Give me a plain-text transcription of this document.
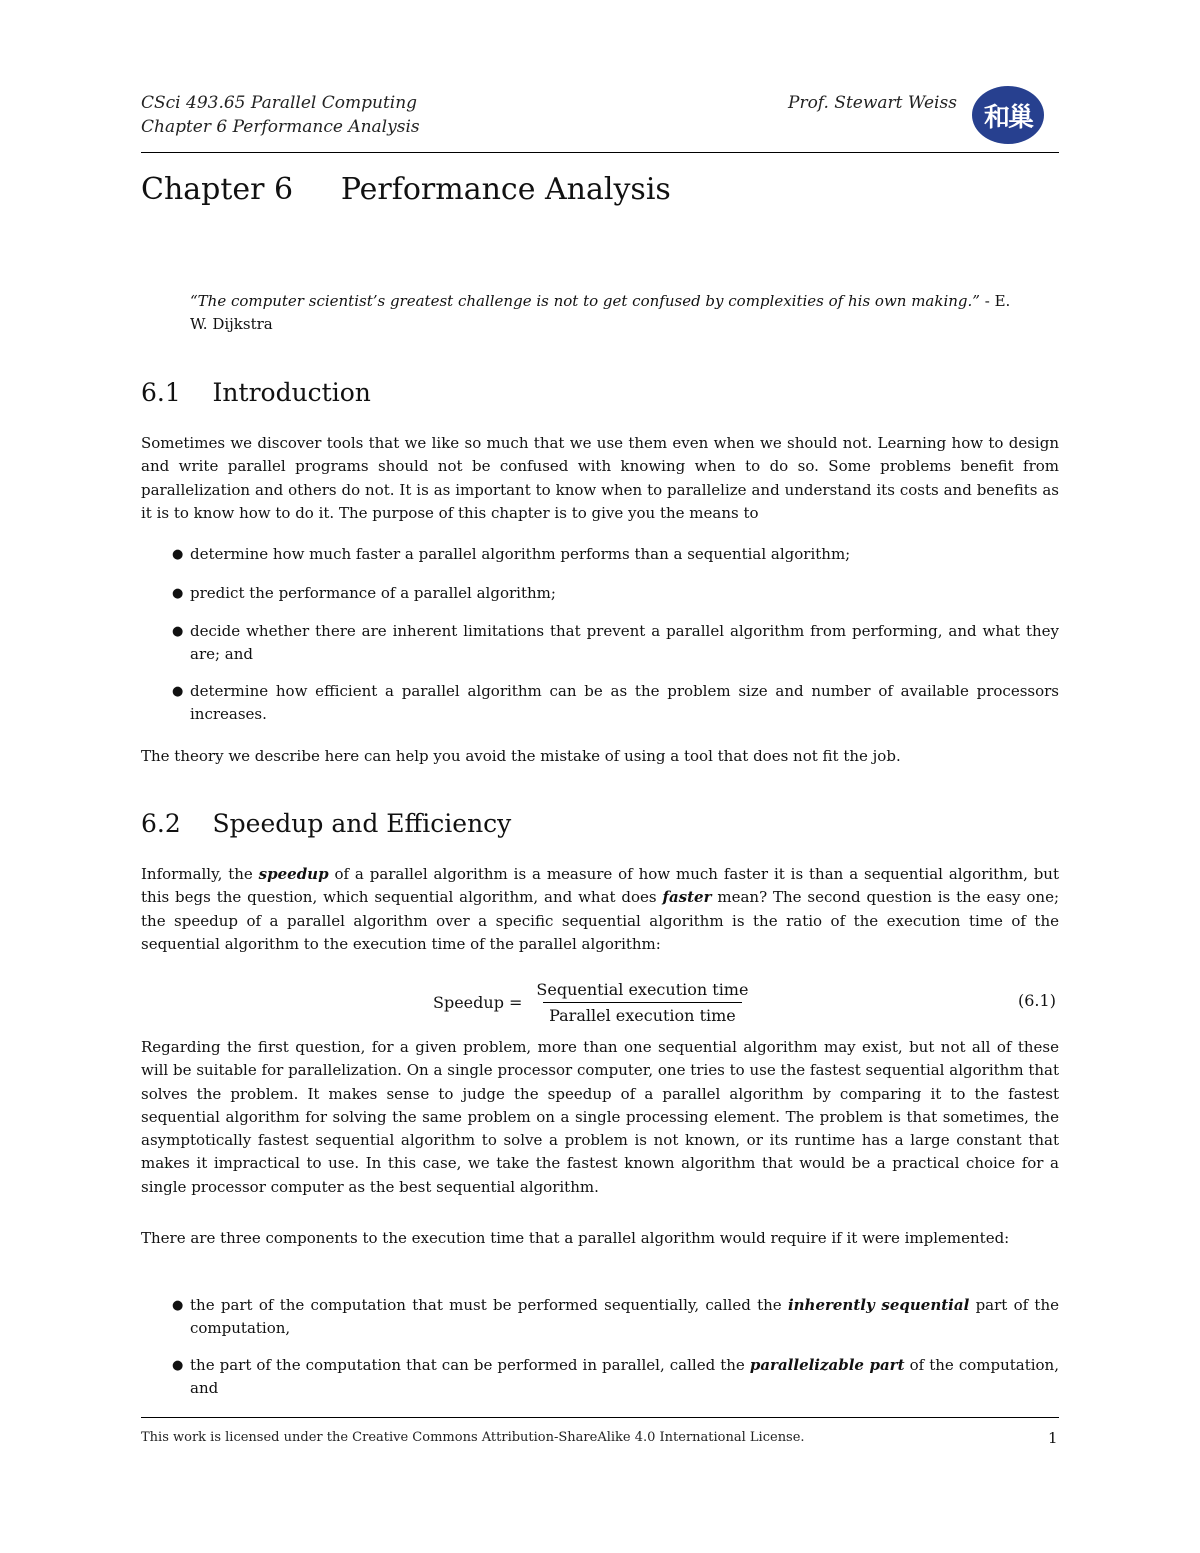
CSci 493.65 Parallel Computing
Chapter 6 Performance Analysis
Prof. Stewart Weiss	和巢
Chapter 6     Performance Analysis
“The computer scientist’s greatest challenge is not to get confused by complexities of his own making.” - E. W. Dijkstra
6.1    Introduction

Sometimes we discover tools that we like so much that we use them even when we should not. Learning how to design and write parallel programs should not be confused with knowing when to do so. Some problems benefit from parallelization and others do not. It is as important to know when to parallelize and understand its costs and benefits as it is to know how to do it. The purpose of this chapter is to give you the means to

● determine how much faster a parallel algorithm performs than a sequential algorithm;
● predict the performance of a parallel algorithm;
● decide whether there are inherent limitations that prevent a parallel algorithm from performing, and what they are; and
● determine how efficient a parallel algorithm can be as the problem size and number of available processors increases.

The theory we describe here can help you avoid the mistake of using a tool that does not fit the job.

6.2    Speedup and Efficiency

Informally, the speedup of a parallel algorithm is a measure of how much faster it is than a sequential algorithm, but this begs the question, which sequential algorithm, and what does faster mean? The second question is the easy one; the speedup of a parallel algorithm over a specific sequential algorithm is the ratio of the execution time of the sequential algorithm to the execution time of the parallel algorithm:

Speedup = $\frac{\text{Sequential execution time}}{\text{Parallel execution time}}$	(6.1)

Regarding the first question, for a given problem, more than one sequential algorithm may exist, but not all of these will be suitable for parallelization. On a single processor computer, one tries to use the fastest sequential algorithm that solves the problem. It makes sense to judge the speedup of a parallel algorithm by comparing it to the fastest sequential algorithm for solving the same problem on a single processing element. The problem is that sometimes, the asymptotically fastest sequential algorithm to solve a problem is not known, or its runtime has a large constant that makes it impractical to use. In this case, we take the fastest known algorithm that would be a practical choice for a single processor computer as the best sequential algorithm.

There are three components to the execution time that a parallel algorithm would require if it were implemented:

● the part of the computation that must be performed sequentially, called the inherently sequential part of the computation,
● the part of the computation that can be performed in parallel, called the parallelizable part of the computation, and
This work is licensed under the Creative Commons Attribution-ShareAlike 4.0 International License.	1
